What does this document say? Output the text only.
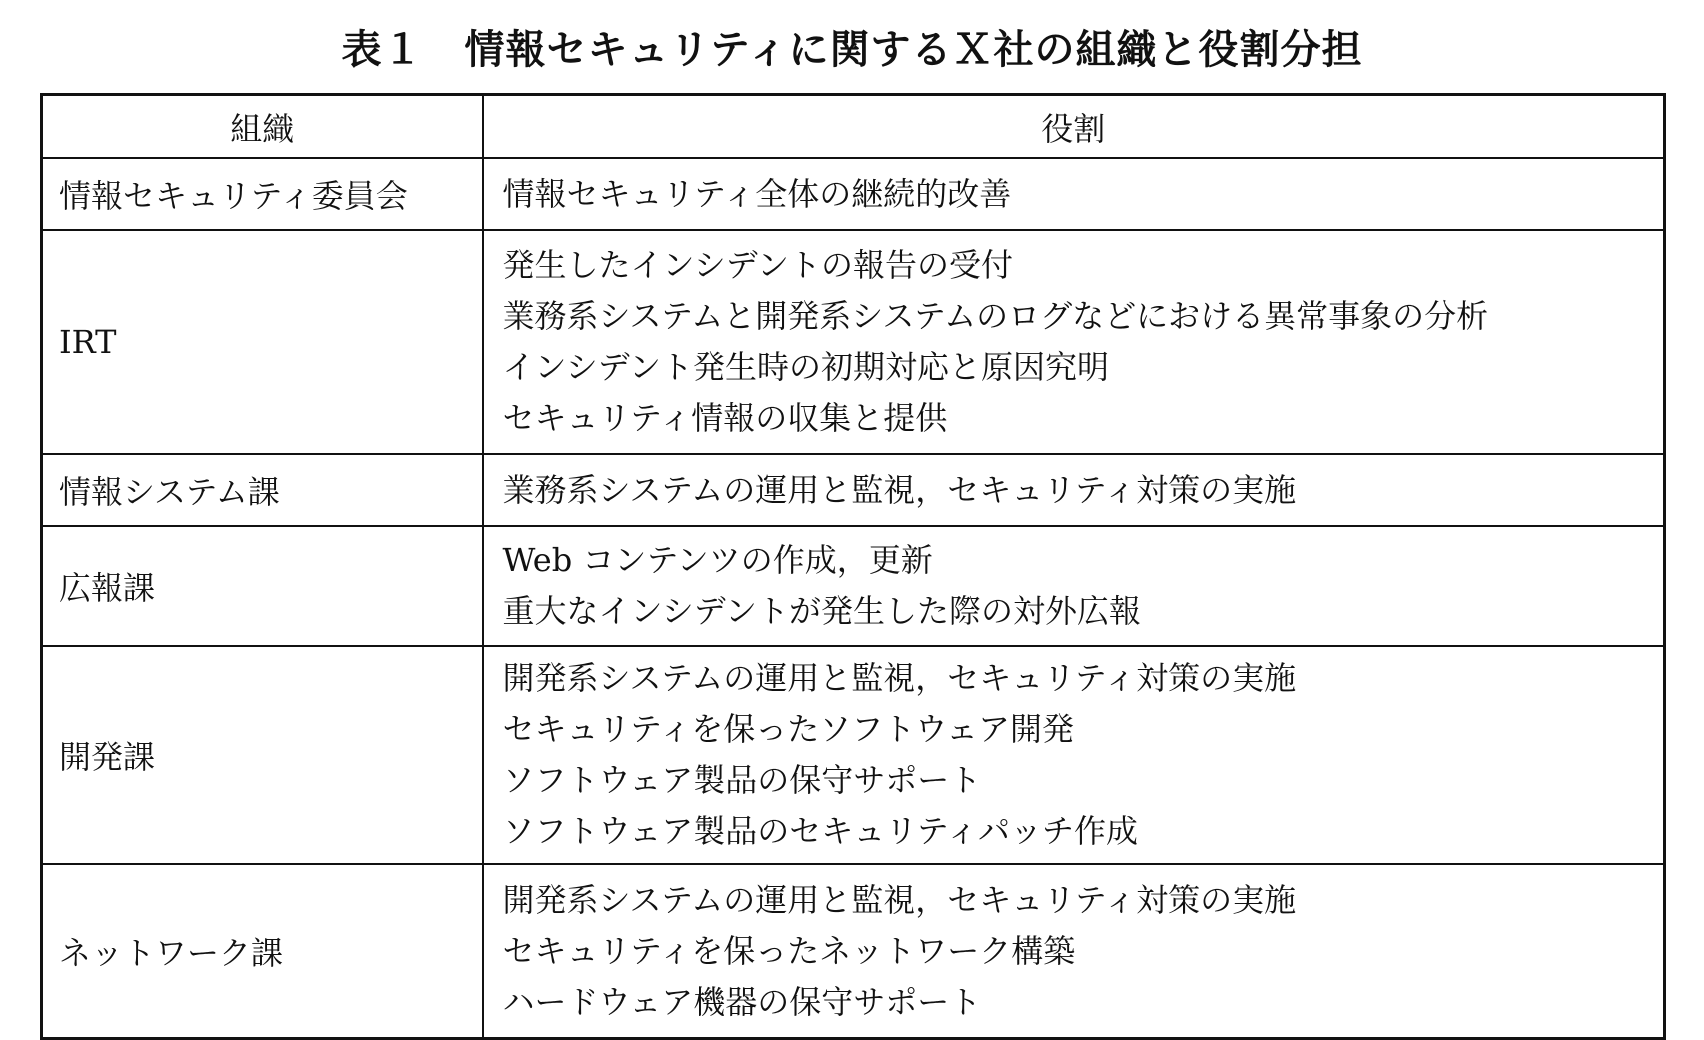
表１　情報セキュリティに関するＸ社の組織と役割分担
組織	役割
情報セキュリティ委員会	情報セキュリティ全体の継続的改善

IRT	発生したインシデントの報告の受付
業務系システムと開発系システムのログなどにおける異常事象の分析
インシデント発生時の初期対応と原因究明
セキュリティ情報の収集と提供

情報システム課	業務系システムの運用と監視，セキュリティ対策の実施

広報課	Web コンテンツの作成，更新
重大なインシデントが発生した際の対外広報

開発課	開発系システムの運用と監視，セキュリティ対策の実施
セキュリティを保ったソフトウェア開発
ソフトウェア製品の保守サポート
ソフトウェア製品のセキュリティパッチ作成

ネットワーク課	開発系システムの運用と監視，セキュリティ対策の実施
セキュリティを保ったネットワーク構築
ハードウェア機器の保守サポート
